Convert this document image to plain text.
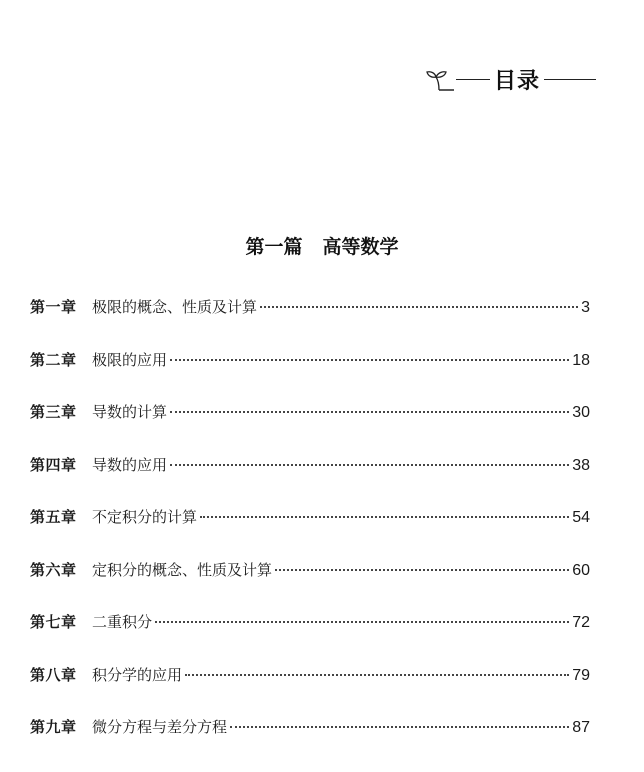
目录
第一篇 高等数学
第一章	极限的概念、性质及计算	3
第二章	极限的应用	18
第三章	导数的计算	30
第四章	导数的应用	38
第五章	不定积分的计算	54
第六章	定积分的概念、性质及计算	60
第七章	二重积分	72
第八章	积分学的应用	79
第九章	微分方程与差分方程	87
